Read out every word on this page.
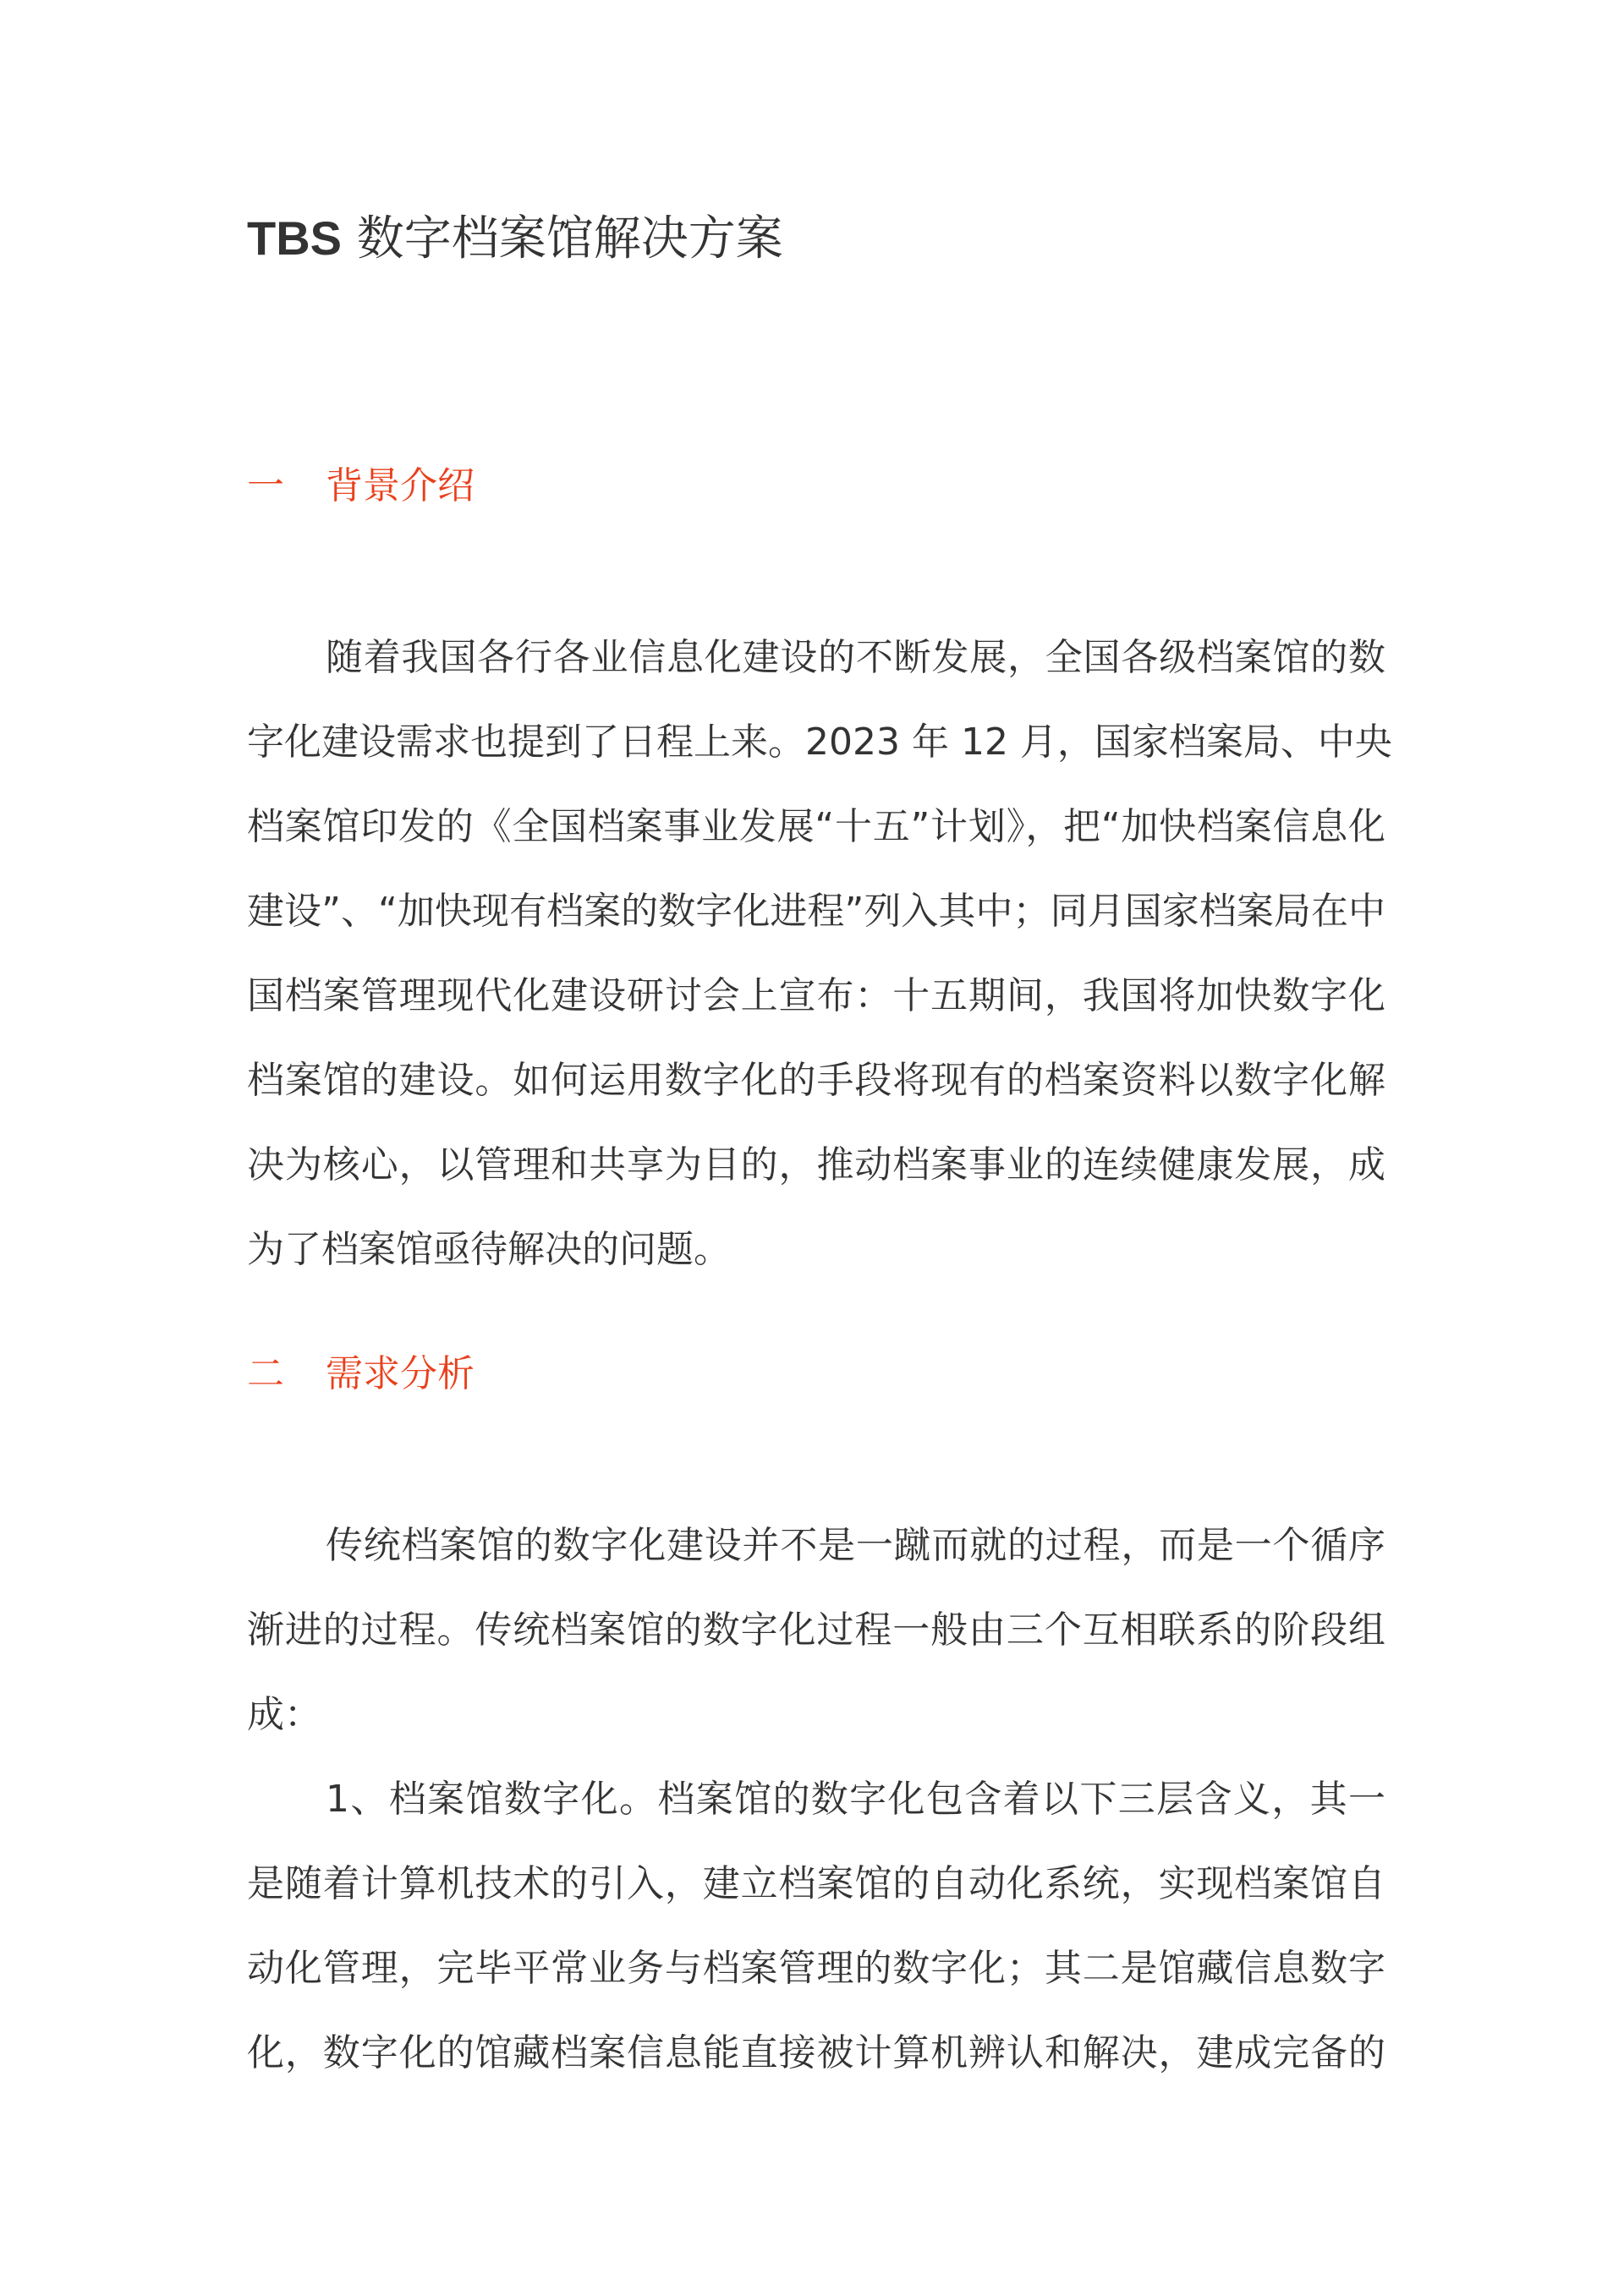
TBS 数字档案馆解决方案
一 背景介绍
随着我国各行各业信息化建设的不断发展，全国各级档案馆的数
字化建设需求也提到了日程上来。2023 年 12 月，国家档案局、中央
档案馆印发的《全国档案事业发展“十五”计划》，把“加快档案信息化
建设”、“加快现有档案的数字化进程”列入其中；同月国家档案局在中
国档案管理现代化建设研讨会上宣布：十五期间，我国将加快数字化
档案馆的建设。如何运用数字化的手段将现有的档案资料以数字化解
决为核心，以管理和共享为目的，推动档案事业的连续健康发展，成
为了档案馆亟待解决的问题。
二 需求分析
传统档案馆的数字化建设并不是一蹴而就的过程，而是一个循序
渐进的过程。传统档案馆的数字化过程一般由三个互相联系的阶段组
成：
1、档案馆数字化。档案馆的数字化包含着以下三层含义，其一
是随着计算机技术的引入，建立档案馆的自动化系统，实现档案馆自
动化管理，完毕平常业务与档案管理的数字化；其二是馆藏信息数字
化，数字化的馆藏档案信息能直接被计算机辨认和解决，建成完备的
